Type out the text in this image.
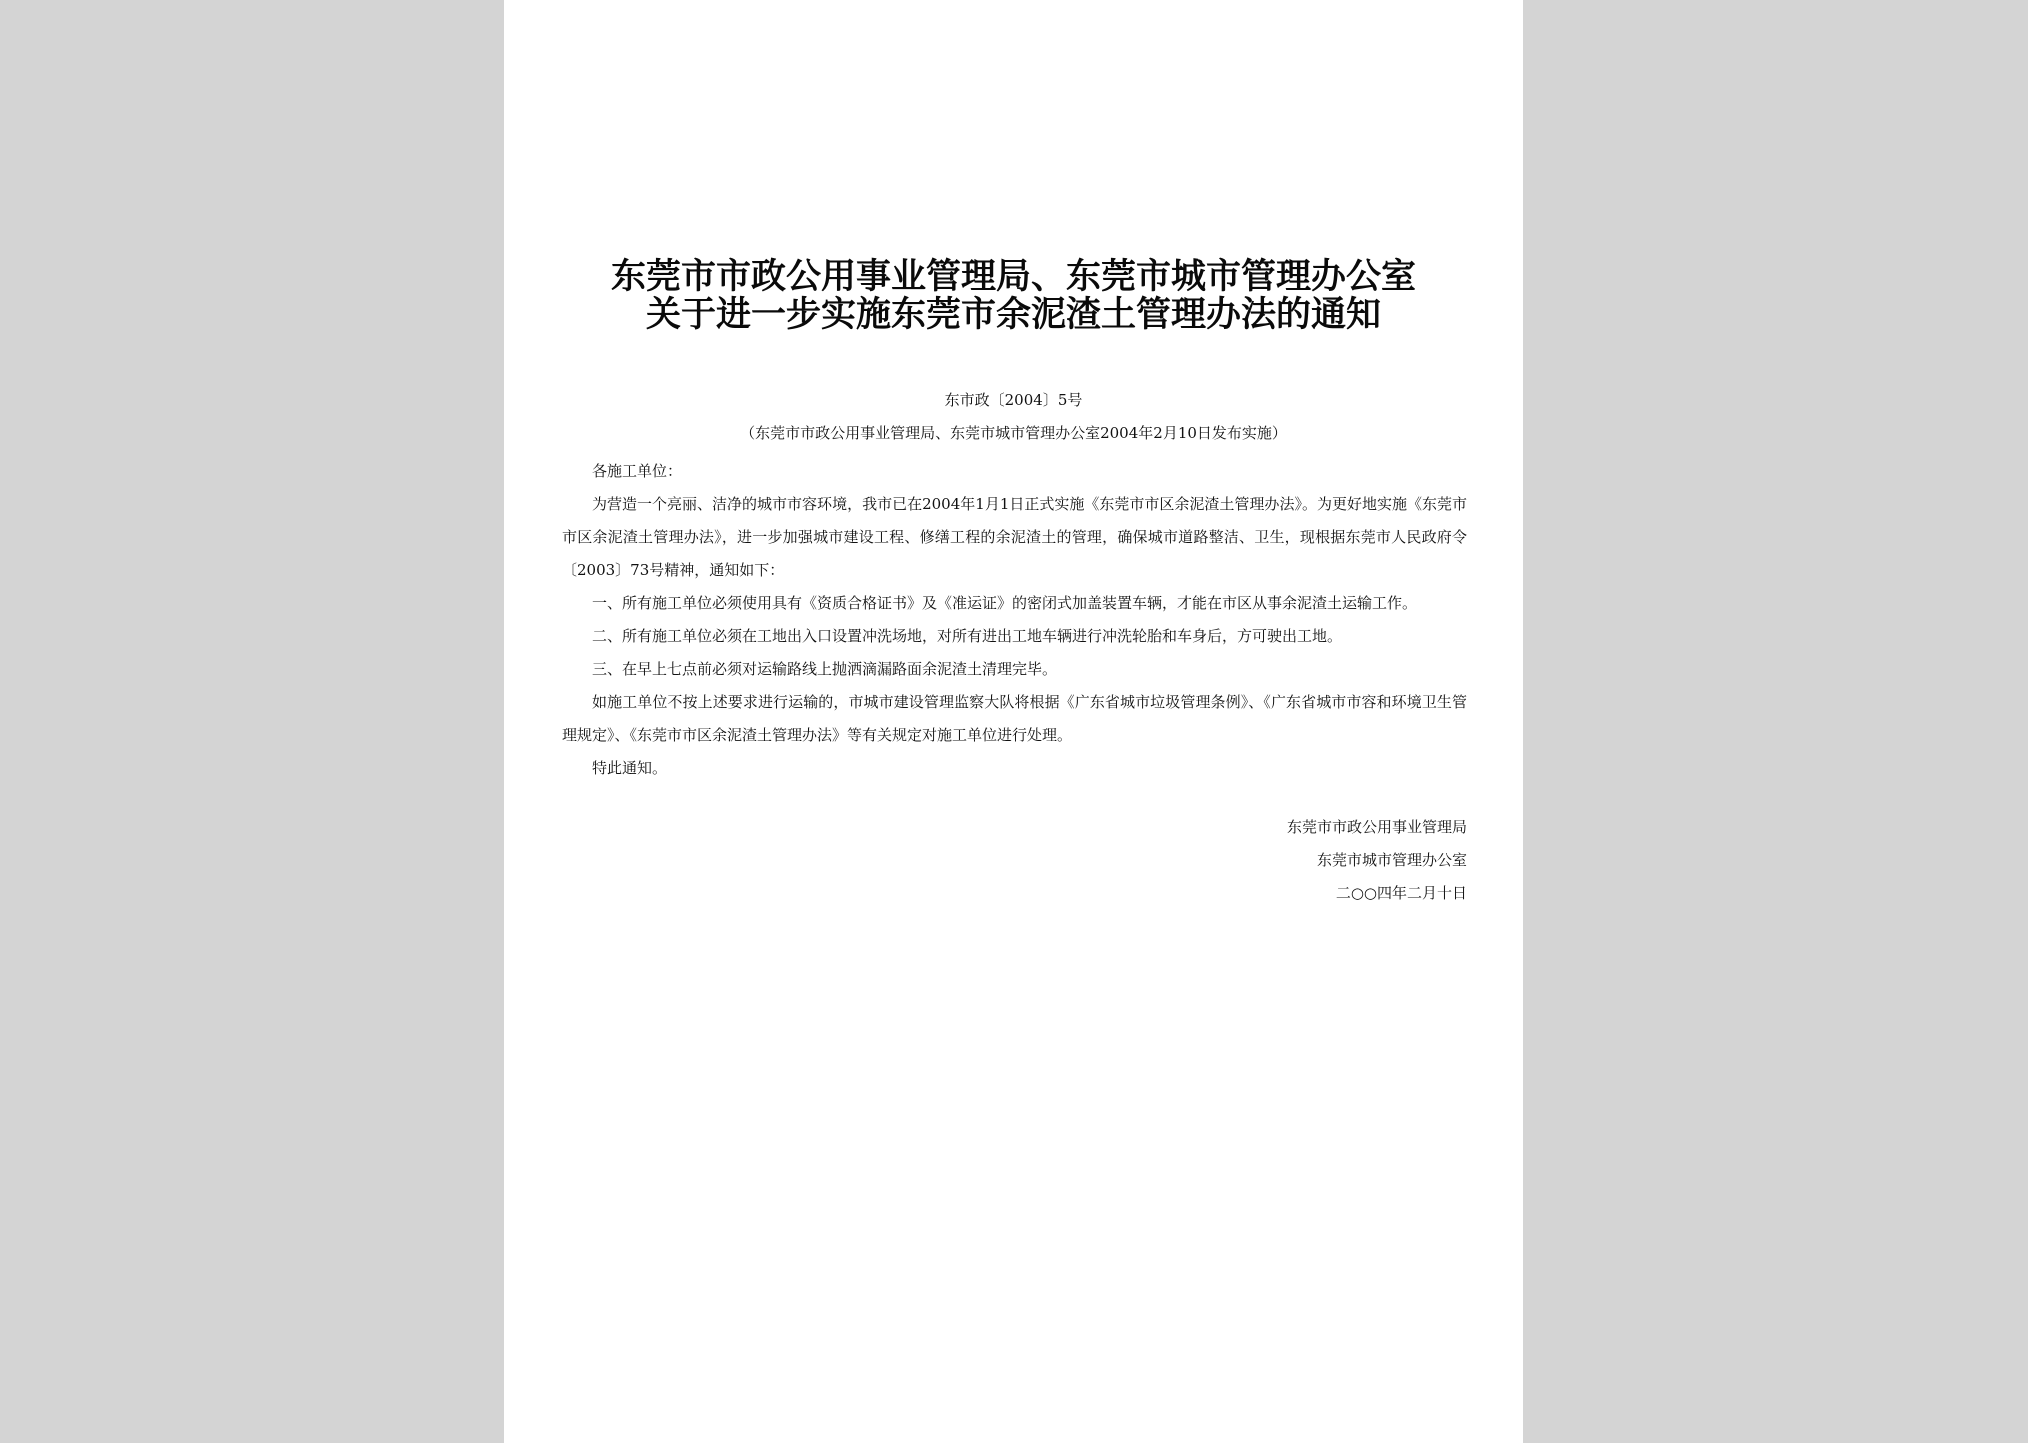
东莞市市政公用事业管理局、东莞市城市管理办公室
关于进一步实施东莞市余泥渣土管理办法的通知
东市政〔2004〕5号
（东莞市市政公用事业管理局、东莞市城市管理办公室2004年2月10日发布实施）

各施工单位：

为营造一个亮丽、洁净的城市市容环境，我市已在2004年1月1日正式实施《东莞市市区余泥渣土管理办法》。为更好地实施《东莞市市区余泥渣土管理办法》，进一步加强城市建设工程、修缮工程的余泥渣土的管理，确保城市道路整洁、卫生，现根据东莞市人民政府令〔2003〕73号精神，通知如下：

一、所有施工单位必须使用具有《资质合格证书》及《准运证》的密闭式加盖装置车辆，才能在市区从事余泥渣土运输工作。

二、所有施工单位必须在工地出入口设置冲洗场地，对所有进出工地车辆进行冲洗轮胎和车身后，方可驶出工地。

三、在早上七点前必须对运输路线上抛洒滴漏路面余泥渣土清理完毕。

如施工单位不按上述要求进行运输的，市城市建设管理监察大队将根据《广东省城市垃圾管理条例》、《广东省城市市容和环境卫生管理规定》、《东莞市市区余泥渣土管理办法》等有关规定对施工单位进行处理。

特此通知。

东莞市市政公用事业管理局
东莞市城市管理办公室
二○○四年二月十日
